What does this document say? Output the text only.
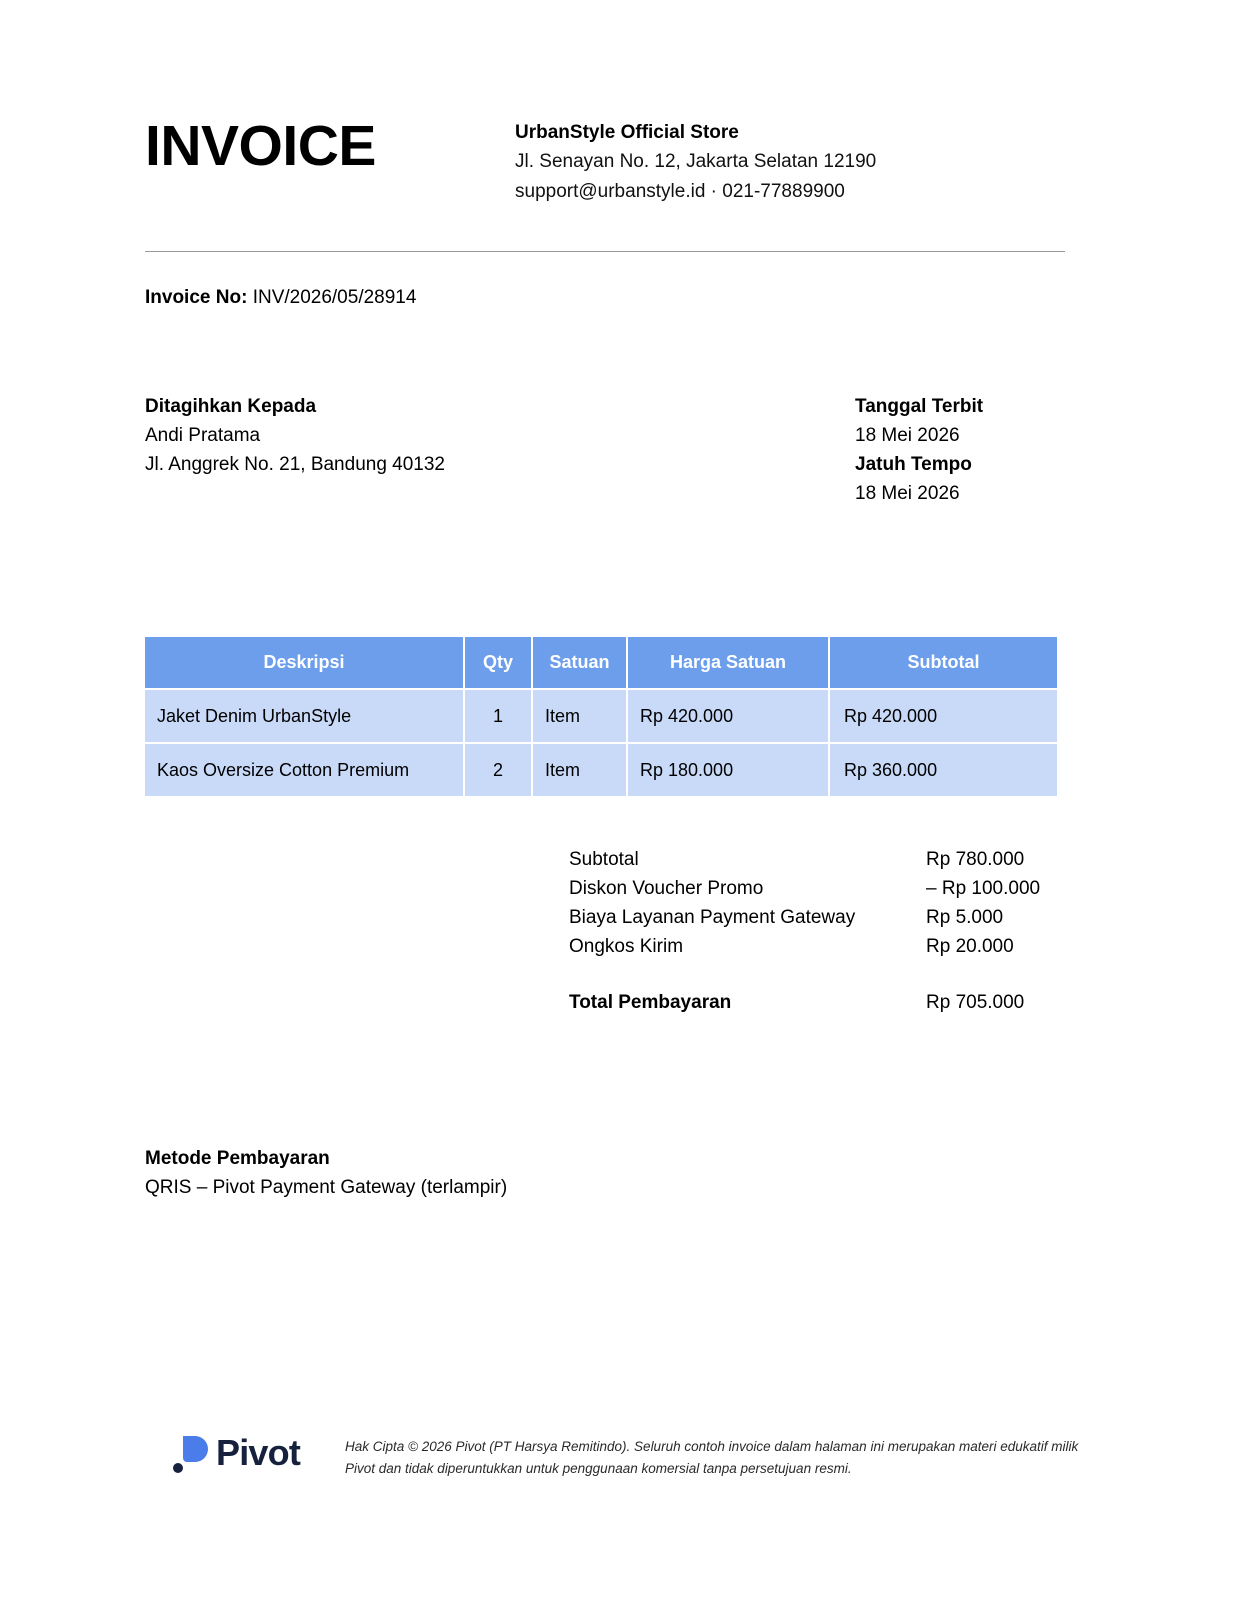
INVOICE	UrbanStyle Official Store
Jl. Senayan No. 12, Jakarta Selatan 12190
support@urbanstyle.id · 021-77889900
Invoice No: INV/2026/05/28914
Ditagihkan Kepada
Andi Pratama
Jl. Anggrek No. 21, Bandung 40132
Tanggal Terbit
18 Mei 2026
Jatuh Tempo
18 Mei 2026
Deskripsi	Qty	Satuan	Harga Satuan	Subtotal
Jaket Denim UrbanStyle	1	Item	Rp 420.000	Rp 420.000
Kaos Oversize Cotton Premium	2	Item	Rp 180.000	Rp 360.000
Subtotal	Rp 780.000
Diskon Voucher Promo	– Rp 100.000
Biaya Layanan Payment Gateway	Rp 5.000
Ongkos Kirim	Rp 20.000
Total Pembayaran	Rp 705.000
Metode Pembayaran
QRIS – Pivot Payment Gateway (terlampir)
Pivot	Hak Cipta © 2026 Pivot (PT Harsya Remitindo). Seluruh contoh invoice dalam halaman ini merupakan materi edukatif milik Pivot dan tidak diperuntukkan untuk penggunaan komersial tanpa persetujuan resmi.
